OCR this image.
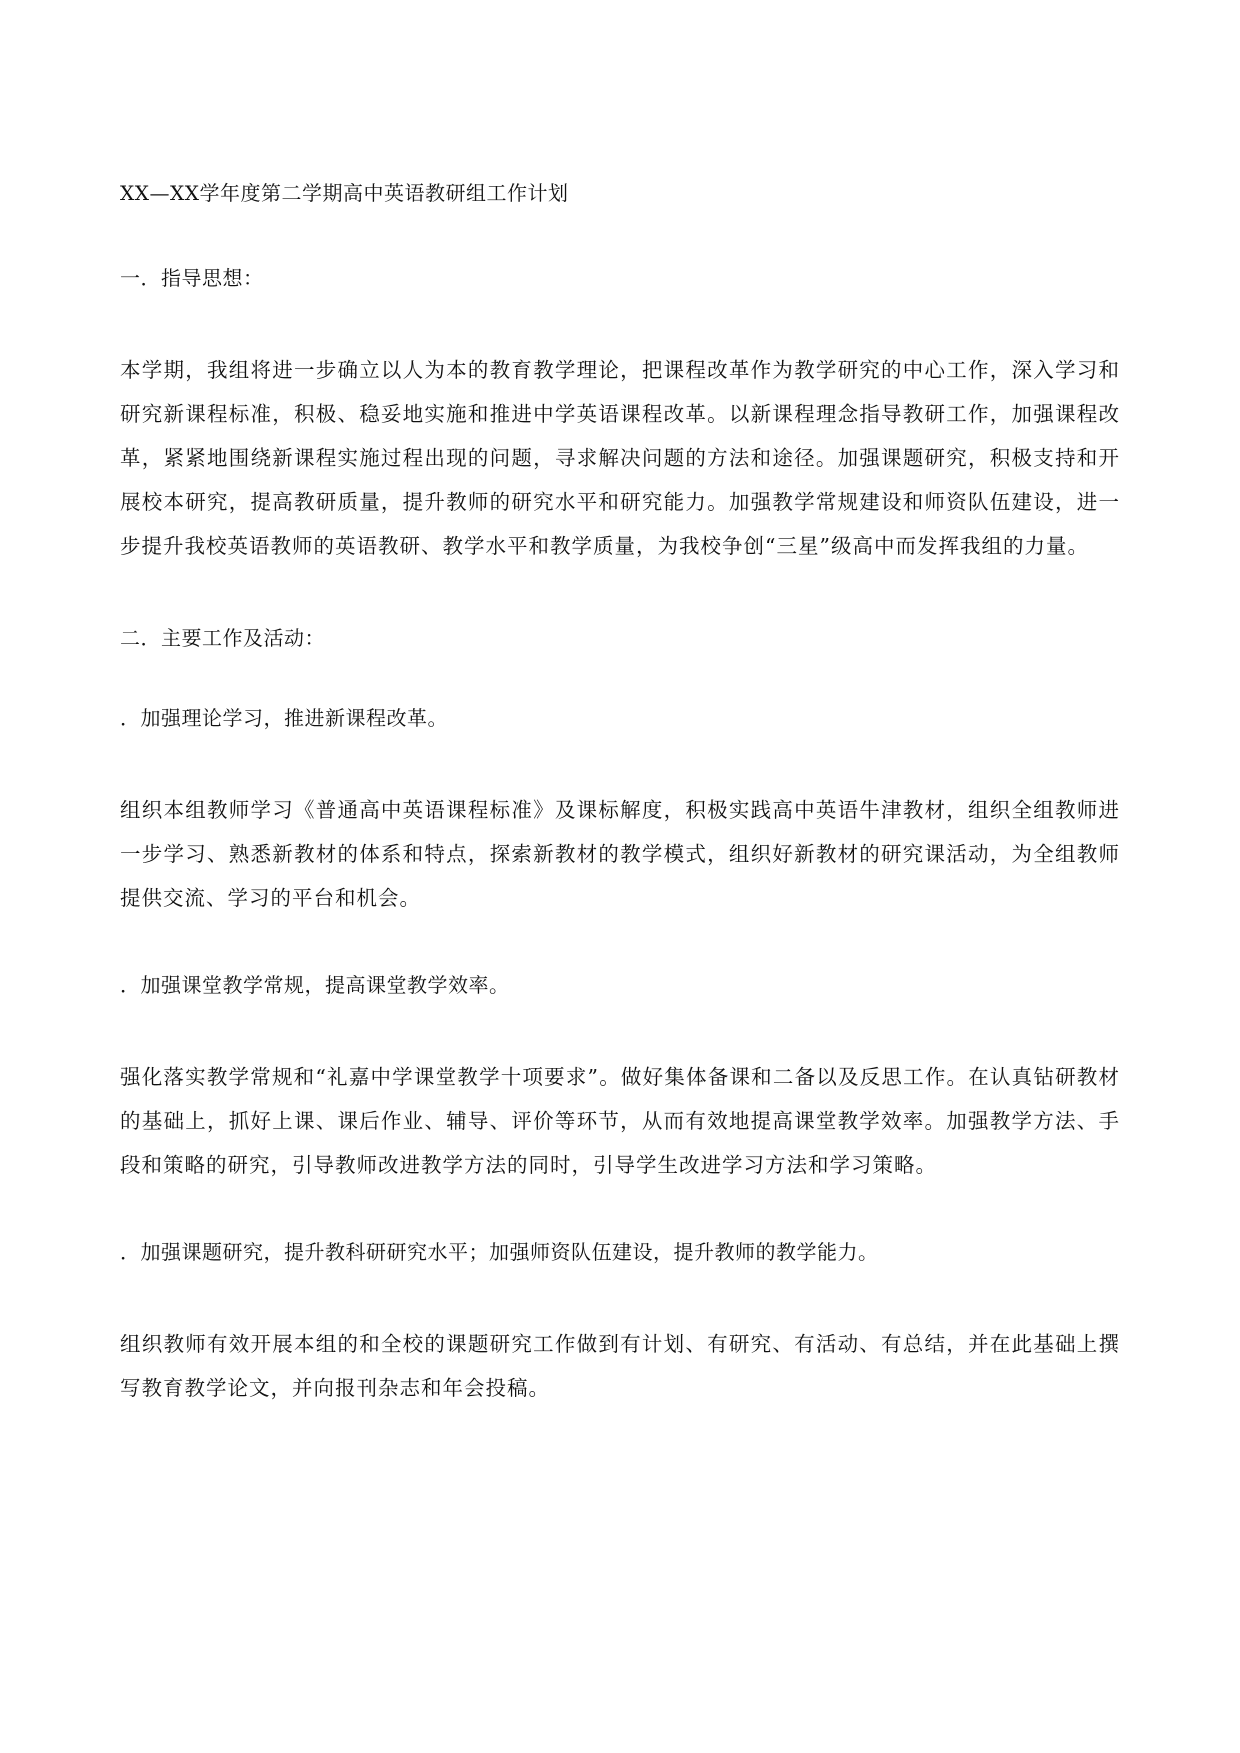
XX—XX学年度第二学期高中英语教研组工作计划
一．指导思想：
本学期，我组将进一步确立以人为本的教育教学理论，把课程改革作为教学研究的中心工作，深入学习和研究新课程标准，积极、稳妥地实施和推进中学英语课程改革。以新课程理念指导教研工作，加强课程改革，紧紧地围绕新课程实施过程出现的问题，寻求解决问题的方法和途径。加强课题研究，积极支持和开展校本研究，提高教研质量，提升教师的研究水平和研究能力。加强教学常规建设和师资队伍建设，进一步提升我校英语教师的英语教研、教学水平和教学质量，为我校争创“三星”级高中而发挥我组的力量。
二．主要工作及活动：
．加强理论学习，推进新课程改革。
组织本组教师学习《普通高中英语课程标准》及课标解度，积极实践高中英语牛津教材，组织全组教师进一步学习、熟悉新教材的体系和特点，探索新教材的教学模式，组织好新教材的研究课活动，为全组教师提供交流、学习的平台和机会。
．加强课堂教学常规，提高课堂教学效率。
强化落实教学常规和“礼嘉中学课堂教学十项要求”。做好集体备课和二备以及反思工作。在认真钻研教材的基础上，抓好上课、课后作业、辅导、评价等环节，从而有效地提高课堂教学效率。加强教学方法、手段和策略的研究，引导教师改进教学方法的同时，引导学生改进学习方法和学习策略。
．加强课题研究，提升教科研研究水平；加强师资队伍建设，提升教师的教学能力。
组织教师有效开展本组的和全校的课题研究工作做到有计划、有研究、有活动、有总结，并在此基础上撰写教育教学论文，并向报刊杂志和年会投稿。
